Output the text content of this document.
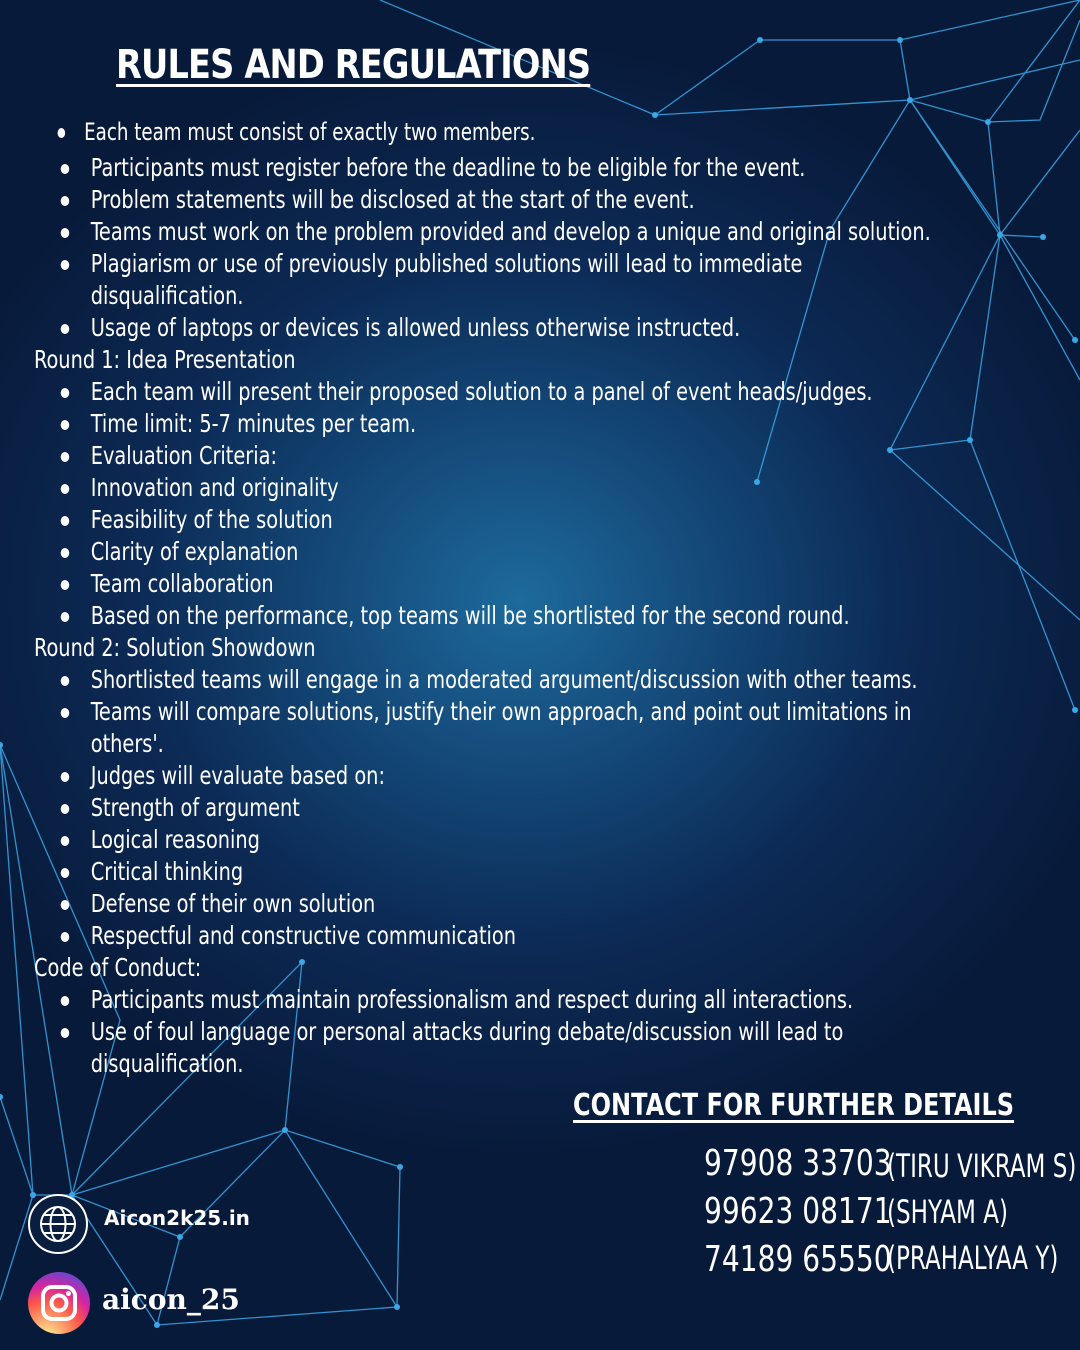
RULES AND REGULATIONS
Each team must consist of exactly two members.
Participants must register before the deadline to be eligible for the event.
Problem statements will be disclosed at the start of the event.
Teams must work on the problem provided and develop a unique and original solution.
Plagiarism or use of previously published solutions will lead to immediate
disqualification.
Usage of laptops or devices is allowed unless otherwise instructed.
Round 1: Idea Presentation
Each team will present their proposed solution to a panel of event heads/judges.
Time limit: 5-7 minutes per team.
Evaluation Criteria:
Innovation and originality
Feasibility of the solution
Clarity of explanation
Team collaboration
Based on the performance, top teams will be shortlisted for the second round.
Round 2: Solution Showdown
Shortlisted teams will engage in a moderated argument/discussion with other teams.
Teams will compare solutions, justify their own approach, and point out limitations in
others'.
Judges will evaluate based on:
Strength of argument
Logical reasoning
Critical thinking
Defense of their own solution
Respectful and constructive communication
Code of Conduct:
Participants must maintain professionalism and respect during all interactions.
Use of foul language or personal attacks during debate/discussion will lead to
disqualification.
CONTACT FOR FURTHER DETAILS
97908 33703
(TIRU VIKRAM S)
99623 08171
(SHYAM A)
74189 65550
(PRAHALYAA Y)
Aicon2k25.in
aicon_25
